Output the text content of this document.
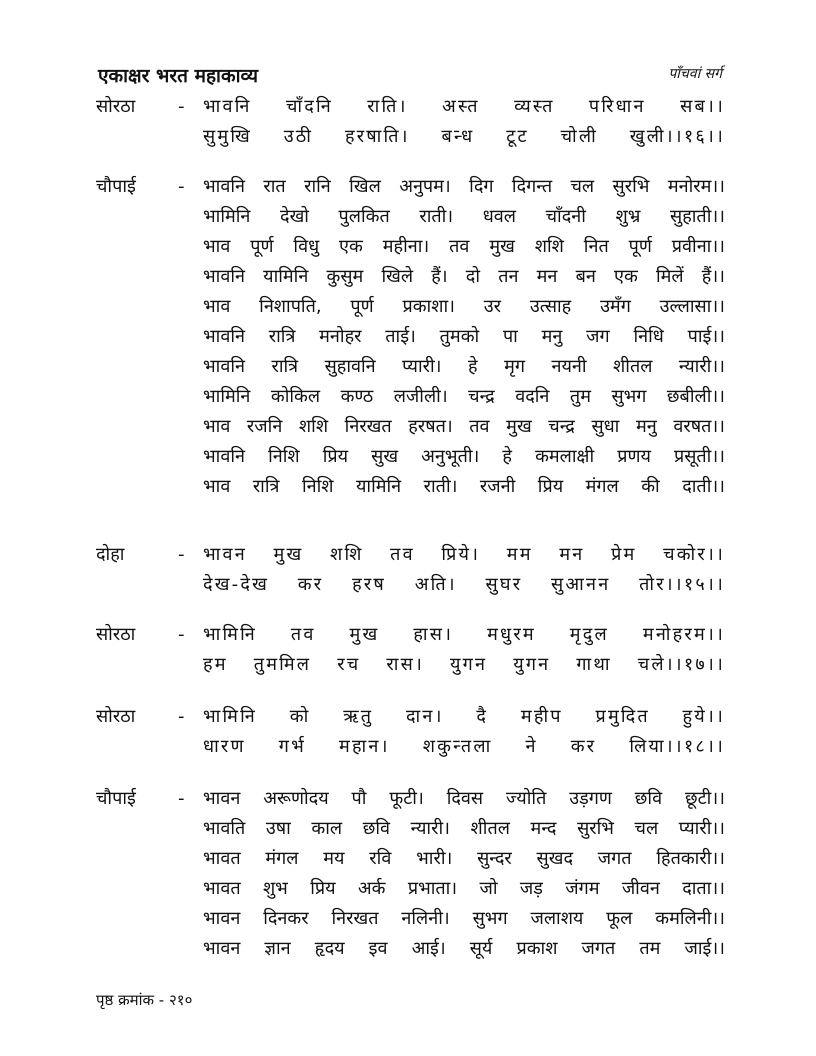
एकाक्षर भरत महाकाव्य	पाँचवां सर्ग
सोरठा - भावनि चाँदनि राति। अस्त व्यस्त परिधान सब।।
सुमुखि उठी हरषाति। बन्ध टूट चोली खुली।।१६।।
चौपाई - भावनि रात रानि खिल अनुपम। दिग दिगन्त चल सुरभि मनोरम।।
भामिनि देखो पुलकित राती। धवल चाँदनी शुभ्र सुहाती।।
भाव पूर्ण विधु एक महीना। तव मुख शशि नित पूर्ण प्रवीना।।
भावनि यामिनि कुसुम खिले हैं। दो तन मन बन एक मिलें हैं।।
भाव निशापति, पूर्ण प्रकाशा। उर उत्साह उमँग उल्लासा।।
भावनि रात्रि मनोहर ताई। तुमको पा मनु जग निधि पाई।।
भावनि रात्रि सुहावनि प्यारी। हे मृग नयनी शीतल न्यारी।।
भामिनि कोकिल कण्ठ लजीली। चन्द्र वदनि तुम सुभग छबीली।।
भाव रजनि शशि निरखत हरषत। तव मुख चन्द्र सुधा मनु वरषत।।
भावनि निशि प्रिय सुख अनुभूती। हे कमलाक्षी प्रणय प्रसूती।।
भाव रात्रि निशि यामिनि राती। रजनी प्रिय मंगल की दाती।।
दोहा	- भावन मुख शशि तव प्रिये। मम मन प्रेम चकोर।।
देख-देख कर हरष अति। सुघर सुआनन तोर।।१५।।
सोरठा - भामिनि तव मुख हास। मधुरम मृदुल मनोहरम।।
हम तुममिल रच रास। युगन युगन गाथा चले।।१७।।
सोरठा - भामिनि को ऋतु दान। दै महीप प्रमुदित हुये।।
धारण गर्भ महान। शकुन्तला ने कर लिया।।१८।।
चौपाई - भावन अरूणोदय पौ फूटी। दिवस ज्योति उड़गण छवि छूटी।।
भावति उषा काल छवि न्यारी। शीतल मन्द सुरभि चल प्यारी।।
भावत मंगल मय रवि भारी। सुन्दर सुखद जगत हितकारी।।
भावत शुभ प्रिय अर्क प्रभाता। जो जड़ जंगम जीवन दाता।।
भावन दिनकर निरखत नलिनी। सुभग जलाशय फूल कमलिनी।।
भावन ज्ञान हृदय इव आई। सूर्य प्रकाश जगत तम जाई।।
पृष्ठ क्रमांक - २१०
